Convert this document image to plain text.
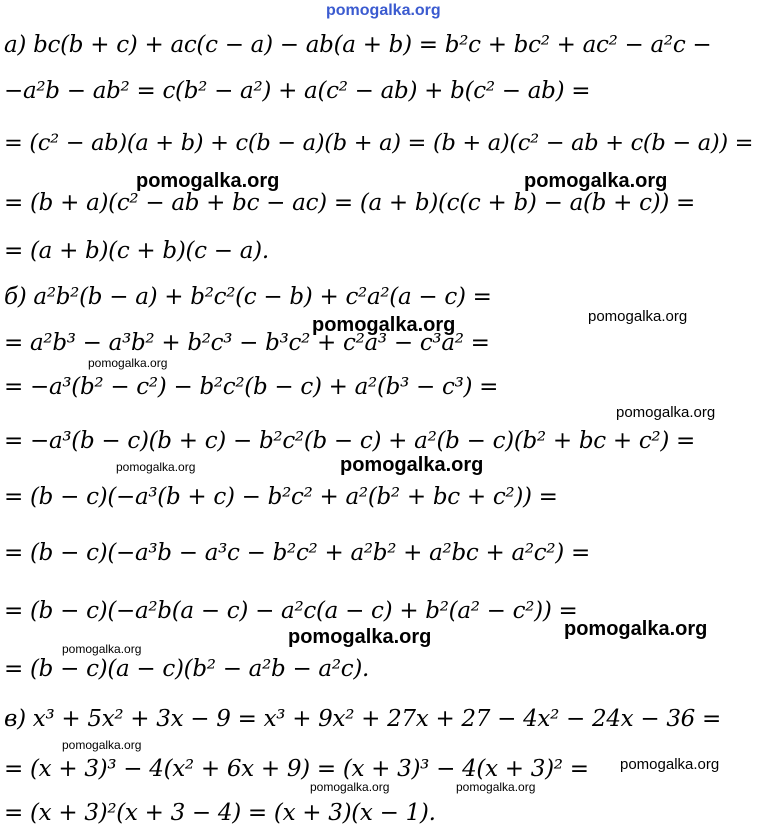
а) bc(b + c) + ac(c − a) − ab(a + b) = b²c + bc² + ac² − a²c −
−a²b − ab² = c(b² − a²) + a(c² − ab) + b(c² − ab) =
= (c² − ab)(a + b) + c(b − a)(b + a) = (b + a)(c² − ab + c(b − a)) =
= (b + a)(c² − ab + bc − ac) = (a + b)(c(c + b) − a(b + c)) =
= (a + b)(c + b)(c − a).
б) a²b²(b − a) + b²c²(c − b) + c²a²(a − c) =
= a²b³ − a³b² + b²c³ − b³c² + c²a³ − c³a² =
= −a³(b² − c²) − b²c²(b − c) + a²(b³ − c³) =
= −a³(b − c)(b + c) − b²c²(b − c) + a²(b − c)(b² + bc + c²) =
= (b − c)(−a³(b + c) − b²c² + a²(b² + bc + c²)) =
= (b − c)(−a³b − a³c − b²c² + a²b² + a²bc + a²c²) =
= (b − c)(−a²b(a − c) − a²c(a − c) + b²(a² − c²)) =
= (b − c)(a − c)(b² − a²b − a²c).
в) x³ + 5x² + 3x − 9 = x³ + 9x² + 27x + 27 − 4x² − 24x − 36 =
= (x + 3)³ − 4(x² + 6x + 9) = (x + 3)³ − 4(x + 3)² =
= (x + 3)²(x + 3 − 4) = (x + 3)(x − 1).
pomogalka.org
pomogalka.org	pomogalka.org
pomogalka.org	pomogalka.org
pomogalka.org
pomogalka.org
pomogalka.org	pomogalka.org
pomogalka.org	pomogalka.org
pomogalka.org
pomogalka.org
pomogalka.org
pomogalka.org	pomogalka.org
